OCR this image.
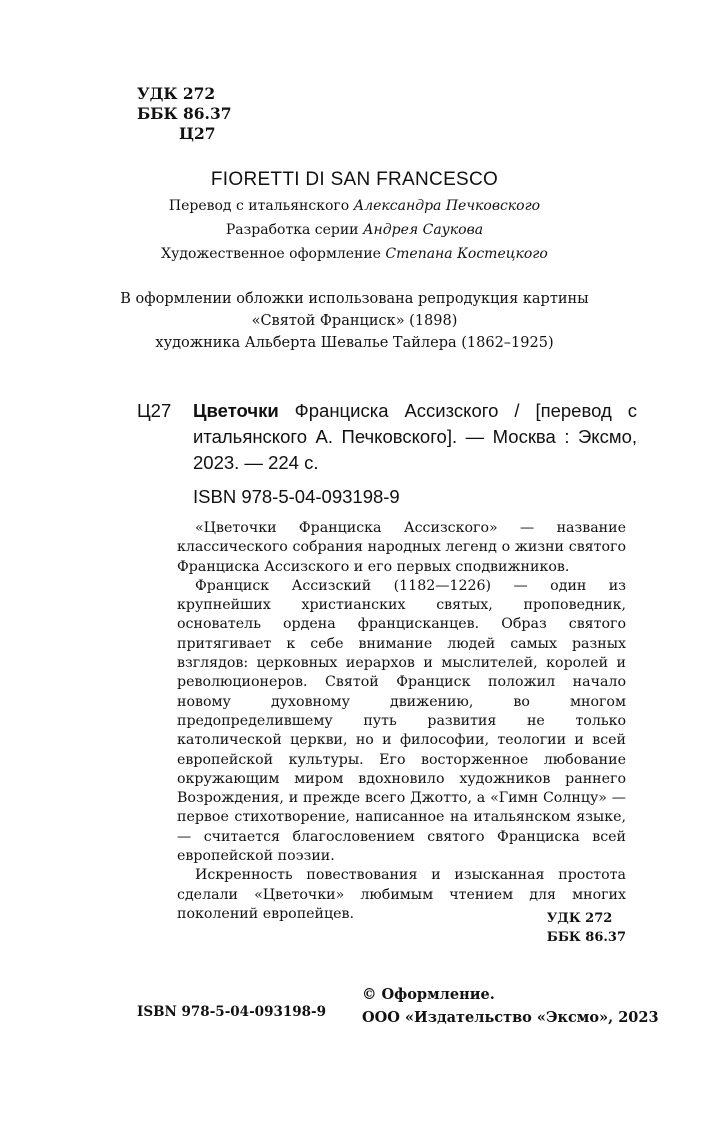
УДК 272
ББК 86.37
Ц27
FIORETTI DI SAN FRANCESCO
Перевод с итальянского Александра Печковского
Разработка серии Андрея Саукова
Художественное оформление Степана Костецкого
В оформлении обложки использована репродукция картины
«Святой Франциск» (1898)
художника Альберта Шевалье Тайлера (1862–1925)
Ц27 Цветочки Франциска Ассизского / [перевод с итальянского А. Печковского]. — Москва : Эксмо, 2023. — 224 с.
ISBN 978-5-04-093198-9

«Цветочки Франциска Ассизского» — название классического собрания народных легенд о жизни святого Франциска Ассизского и его первых сподвижников.

Франциск Ассизский (1182—1226) — один из крупнейших христианских святых, проповедник, основатель ордена францисканцев. Образ святого притягивает к себе внимание людей самых разных взглядов: церковных иерархов и мыслителей, королей и революционеров. Святой Франциск положил начало новому духовному движению, во многом предопределившему путь развития не только католической церкви, но и философии, теологии и всей европейской культуры. Его восторженное любование окружающим миром вдохновило художников раннего Возрождения, и прежде всего Джотто, а «Гимн Солнцу» — первое стихотворение, написанное на итальянском языке, — считается благословением святого Франциска всей европейской поэзии.

Искренность повествования и изысканная простота сделали «Цветочки» любимым чтением для многих поколений европейцев.	УДК 272
ББК 86.37
ISBN 978-5-04-093198-9
© Оформление.
ООО «Издательство «Эксмо», 2023
